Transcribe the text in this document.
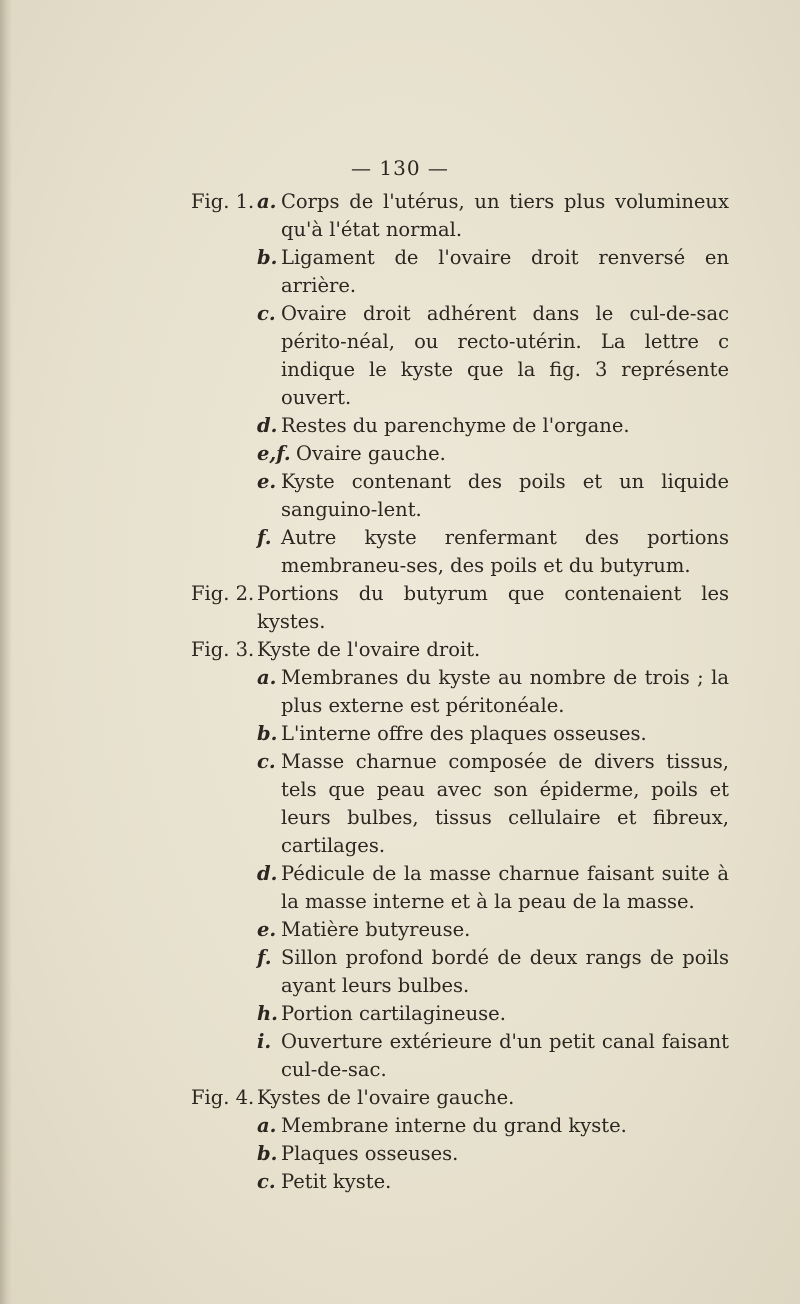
— 130 —
Fig. 1. a. Corps de l'utérus, un tiers plus volumineux qu'à l'état normal.
b. Ligament de l'ovaire droit renversé en arrière.
c. Ovaire droit adhérent dans le cul-de-sac périto-néal, ou recto-utérin. La lettre c indique le kyste que la fig. 3 représente ouvert.
d. Restes du parenchyme de l'organe.
e,f. Ovaire gauche.
e. Kyste contenant des poils et un liquide sanguino-lent.
f. Autre kyste renfermant des portions membraneu-ses, des poils et du butyrum.
Fig. 2. Portions du butyrum que contenaient les kystes.
Fig. 3. Kyste de l'ovaire droit.
a. Membranes du kyste au nombre de trois ; la plus externe est péritonéale.
b. L'interne offre des plaques osseuses.
c. Masse charnue composée de divers tissus, tels que peau avec son épiderme, poils et leurs bulbes, tissus cellulaire et fibreux, cartilages.
d. Pédicule de la masse charnue faisant suite à la masse interne et à la peau de la masse.
e. Matière butyreuse.
f. Sillon profond bordé de deux rangs de poils ayant leurs bulbes.
h. Portion cartilagineuse.
i. Ouverture extérieure d'un petit canal faisant cul-de-sac.
Fig. 4. Kystes de l'ovaire gauche.
a. Membrane interne du grand kyste.
b. Plaques osseuses.
c. Petit kyste.
